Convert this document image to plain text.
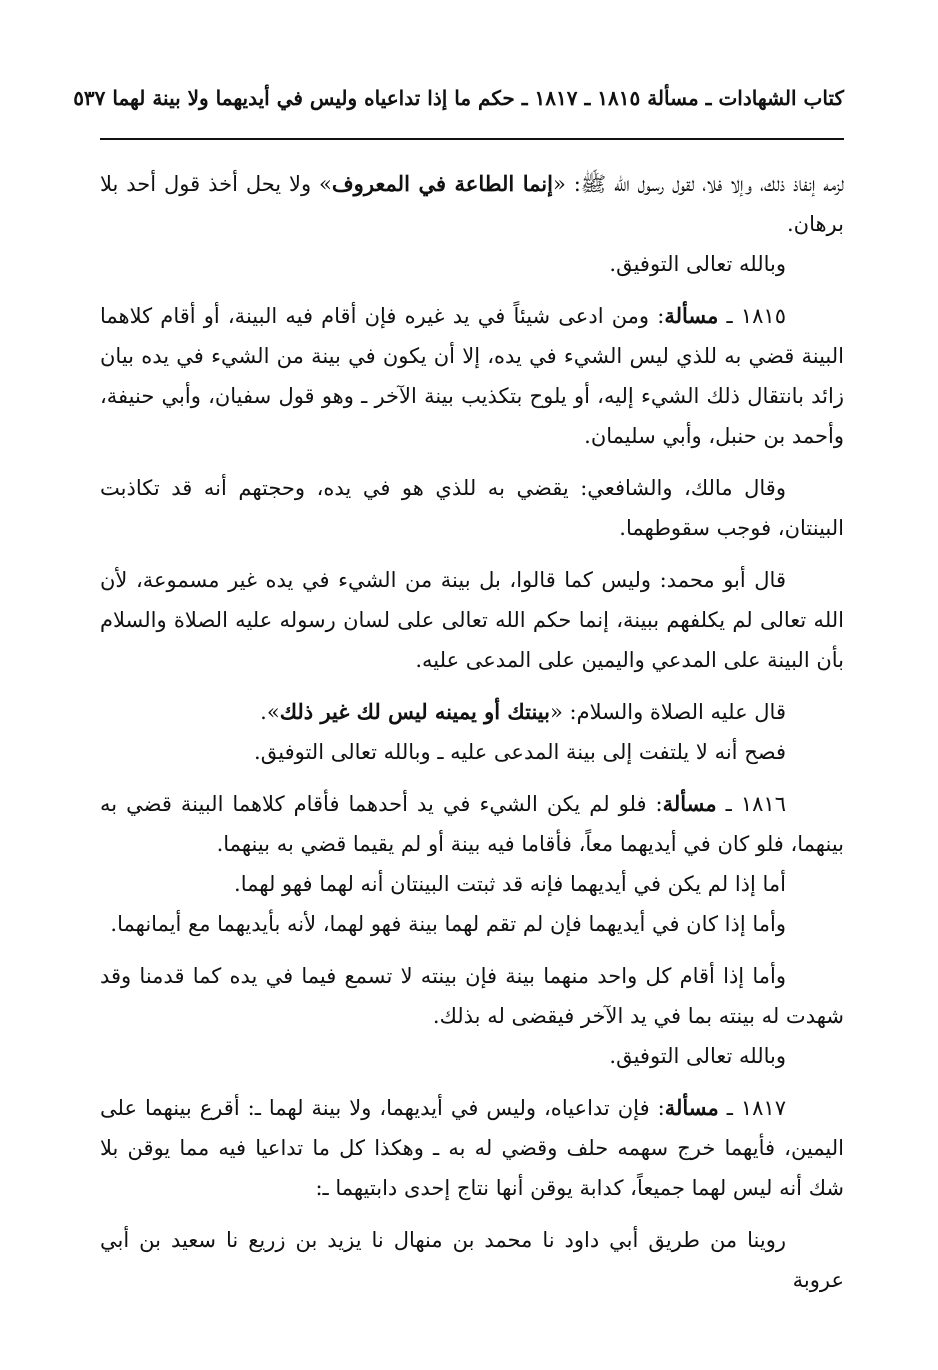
كتاب الشهادات ـ مسألة ١٨١٥ ـ ١٨١٧ ـ حكم ما إذا تداعياه وليس في أيديهما ولا بينة لهما ٥٣٧

لزمه إنفاذ ذلك، وإلا فلا، لقول رسول الله ﷺ: «إنما الطاعة في المعروف» ولا يحل أخذ قول أحد بلا برهان.

وبالله تعالى التوفيق.

١٨١٥ ـ مسألة: ومن ادعى شيئاً في يد غيره فإن أقام فيه البينة، أو أقام كلاهما البينة قضي به للذي ليس الشيء في يده، إلا أن يكون في بينة من الشيء في يده بيان زائد بانتقال ذلك الشيء إليه، أو يلوح بتكذيب بينة الآخر ـ وهو قول سفيان، وأبي حنيفة، وأحمد بن حنبل، وأبي سليمان.

وقال مالك، والشافعي: يقضي به للذي هو في يده، وحجتهم أنه قد تكاذبت البينتان، فوجب سقوطهما.

قال أبو محمد: وليس كما قالوا، بل بينة من الشيء في يده غير مسموعة، لأن الله تعالى لم يكلفهم ببينة، إنما حكم الله تعالى على لسان رسوله عليه الصلاة والسلام بأن البينة على المدعي واليمين على المدعى عليه.

قال عليه الصلاة والسلام: «بينتك أو يمينه ليس لك غير ذلك».

فصح أنه لا يلتفت إلى بينة المدعى عليه ـ وبالله تعالى التوفيق.

١٨١٦ ـ مسألة: فلو لم يكن الشيء في يد أحدهما فأقام كلاهما البينة قضي به بينهما، فلو كان في أيديهما معاً، فأقاما فيه بينة أو لم يقيما قضي به بينهما.

أما إذا لم يكن في أيديهما فإنه قد ثبتت البينتان أنه لهما فهو لهما.

وأما إذا كان في أيديهما فإن لم تقم لهما بينة فهو لهما، لأنه بأيديهما مع أيمانهما.

وأما إذا أقام كل واحد منهما بينة فإن بينته لا تسمع فيما في يده كما قدمنا وقد شهدت له بينته بما في يد الآخر فيقضى له بذلك.

وبالله تعالى التوفيق.

١٨١٧ ـ مسألة: فإن تداعياه، وليس في أيديهما، ولا بينة لهما ـ: أقرع بينهما على اليمين، فأيهما خرج سهمه حلف وقضي له به ـ وهكذا كل ما تداعيا فيه مما يوقن بلا شك أنه ليس لهما جميعاً، كدابة يوقن أنها نتاج إحدى دابتيهما ـ:

روينا من طريق أبي داود نا محمد بن منهال نا يزيد بن زريع نا سعيد بن أبي عروبة
